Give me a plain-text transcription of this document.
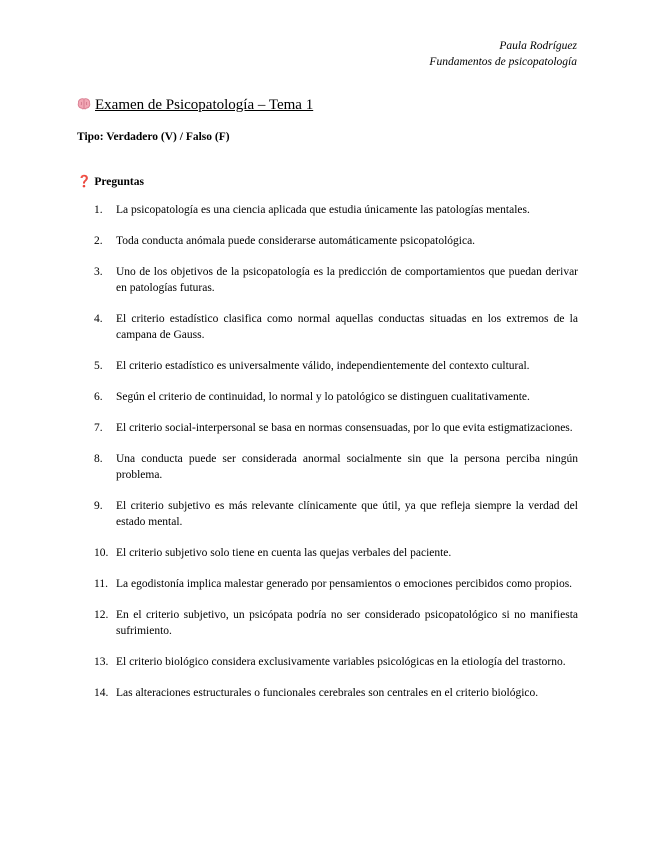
Paula Rodríguez
Fundamentos de psicopatología
Examen de Psicopatología – Tema 1
Tipo: Verdadero (V) / Falso (F)
❓ Preguntas
1.	La psicopatología es una ciencia aplicada que estudia únicamente las patologías mentales.
2.	Toda conducta anómala puede considerarse automáticamente psicopatológica.
3.	Uno de los objetivos de la psicopatología es la predicción de comportamientos que puedan derivar en patologías futuras.
4.	El criterio estadístico clasifica como normal aquellas conductas situadas en los extremos de la campana de Gauss.
5.	El criterio estadístico es universalmente válido, independientemente del contexto cultural.
6.	Según el criterio de continuidad, lo normal y lo patológico se distinguen cualitativamente.
7.	El criterio social-interpersonal se basa en normas consensuadas, por lo que evita estigmatizaciones.
8.	Una conducta puede ser considerada anormal socialmente sin que la persona perciba ningún problema.
9.	El criterio subjetivo es más relevante clínicamente que útil, ya que refleja siempre la verdad del estado mental.
10. El criterio subjetivo solo tiene en cuenta las quejas verbales del paciente.
11. La egodistonía implica malestar generado por pensamientos o emociones percibidos como propios.
12. En el criterio subjetivo, un psicópata podría no ser considerado psicopatológico si no manifiesta sufrimiento.
13. El criterio biológico considera exclusivamente variables psicológicas en la etiología del trastorno.
14. Las alteraciones estructurales o funcionales cerebrales son centrales en el criterio biológico.
